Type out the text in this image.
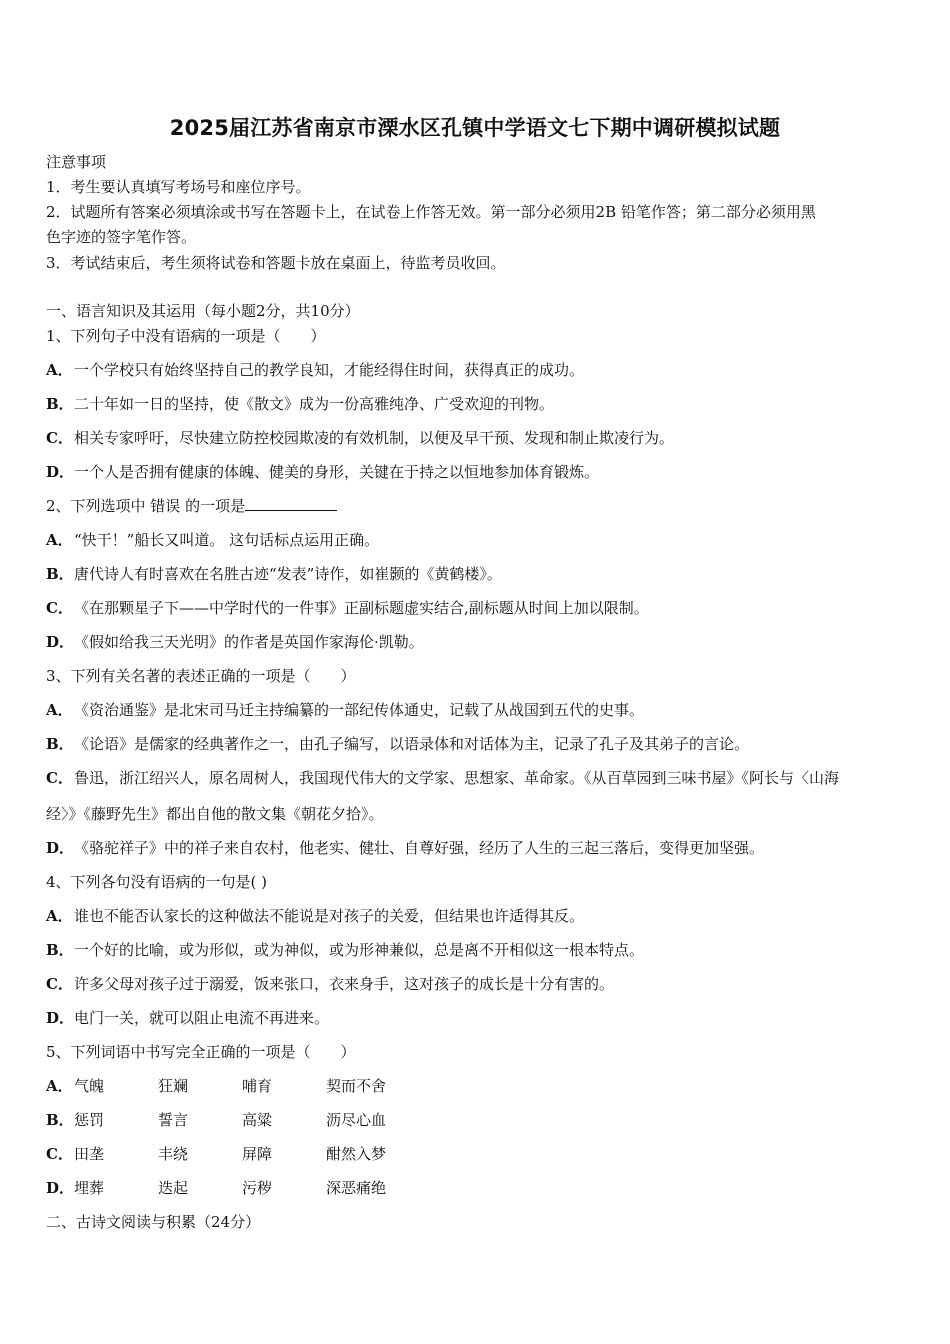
2025届江苏省南京市溧水区孔镇中学语文七下期中调研模拟试题
注意事项
1．考生要认真填写考场号和座位序号。
2．试题所有答案必须填涂或书写在答题卡上，在试卷上作答无效。第一部分必须用2B 铅笔作答；第二部分必须用黑
色字迹的签字笔作答。
3．考试结束后，考生须将试卷和答题卡放在桌面上，待监考员收回。
一、语言知识及其运用（每小题2分，共10分）
1、下列句子中没有语病的一项是（　　）
A．一个学校只有始终坚持自己的教学良知，才能经得住时间，获得真正的成功。
B．二十年如一日的坚持，使《散文》成为一份高雅纯净、广受欢迎的刊物。
C．相关专家呼吁，尽快建立防控校园欺凌的有效机制，以便及早干预、发现和制止欺凌行为。
D．一个人是否拥有健康的体魄、健美的身形，关键在于持之以恒地参加体育锻炼。
2、下列选项中 错误 的一项是
A．“快干！”船长又叫道。 这句话标点运用正确。
B．唐代诗人有时喜欢在名胜古迹“发表”诗作，如崔颢的《黄鹤楼》。
C．《在那颗星子下——中学时代的一件事》正副标题虚实结合,副标题从时间上加以限制。
D．《假如给我三天光明》的作者是英国作家海伦·凯勒。
3、下列有关名著的表述正确的一项是（　　）
A．《资治通鉴》是北宋司马迁主持编纂的一部纪传体通史，记载了从战国到五代的史事。
B．《论语》是儒家的经典著作之一，由孔子编写，以语录体和对话体为主，记录了孔子及其弟子的言论。
C．鲁迅，浙江绍兴人，原名周树人，我国现代伟大的文学家、思想家、革命家。《从百草园到三味书屋》《阿长与〈山海
经〉》《藤野先生》都出自他的散文集《朝花夕拾》。
D．《骆驼祥子》中的祥子来自农村，他老实、健壮、自尊好强，经历了人生的三起三落后，变得更加坚强。
4、下列各句没有语病的一句是( )
A．谁也不能否认家长的这种做法不能说是对孩子的关爱，但结果也许适得其反。
B．一个好的比喻，或为形似，或为神似，或为形神兼似，总是离不开相似这一根本特点。
C．许多父母对孩子过于溺爱，饭来张口，衣来身手，这对孩子的成长是十分有害的。
D．电门一关，就可以阻止电流不再进来。
5、下列词语中书写完全正确的一项是（　　）
A．气魄	狂斓	哺育	契而不舍
B．惩罚	誓言	高粱	沥尽心血
C．田垄	丰绕	屏障	酣然入梦
D．埋葬	迭起	污秽	深恶痛绝
二、古诗文阅读与积累（24分）
